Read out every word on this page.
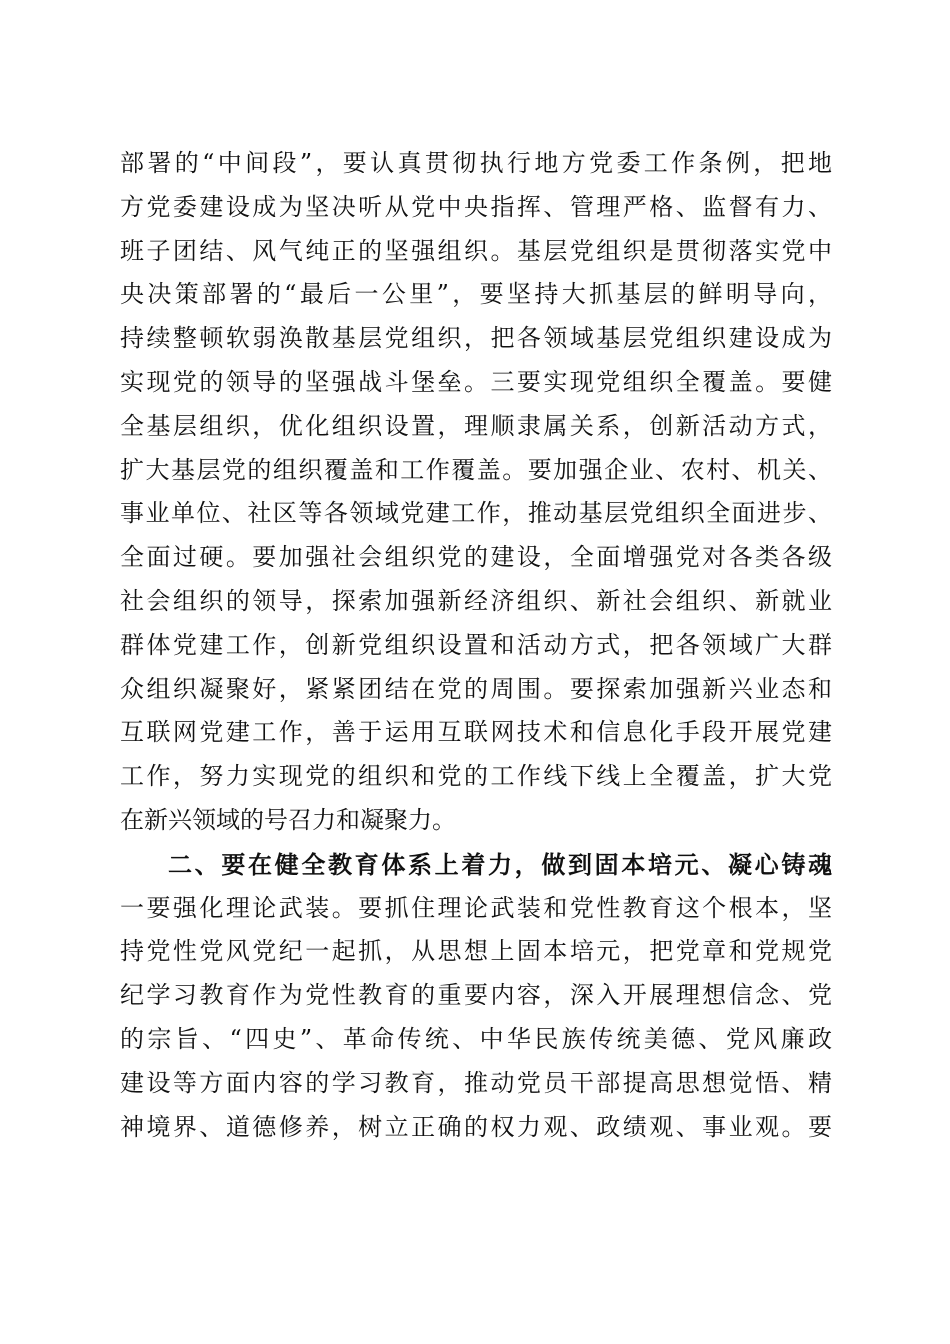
部署的“中间段”，要认真贯彻执行地方党委工作条例，把地
方党委建设成为坚决听从党中央指挥、管理严格、监督有力、
班子团结、风气纯正的坚强组织。基层党组织是贯彻落实党中
央决策部署的“最后一公里”，要坚持大抓基层的鲜明导向，
持续整顿软弱涣散基层党组织，把各领域基层党组织建设成为
实现党的领导的坚强战斗堡垒。三要实现党组织全覆盖。要健
全基层组织，优化组织设置，理顺隶属关系，创新活动方式，
扩大基层党的组织覆盖和工作覆盖。要加强企业、农村、机关、
事业单位、社区等各领域党建工作，推动基层党组织全面进步、
全面过硬。要加强社会组织党的建设，全面增强党对各类各级
社会组织的领导，探索加强新经济组织、新社会组织、新就业
群体党建工作，创新党组织设置和活动方式，把各领域广大群
众组织凝聚好，紧紧团结在党的周围。要探索加强新兴业态和
互联网党建工作，善于运用互联网技术和信息化手段开展党建
工作，努力实现党的组织和党的工作线下线上全覆盖，扩大党
在新兴领域的号召力和凝聚力。
二、要在健全教育体系上着力，做到固本培元、凝心铸魂
一要强化理论武装。要抓住理论武装和党性教育这个根本，坚
持党性党风党纪一起抓，从思想上固本培元，把党章和党规党
纪学习教育作为党性教育的重要内容，深入开展理想信念、党
的宗旨、“四史”、革命传统、中华民族传统美德、党风廉政
建设等方面内容的学习教育，推动党员干部提高思想觉悟、精
神境界、道德修养，树立正确的权力观、政绩观、事业观。要
